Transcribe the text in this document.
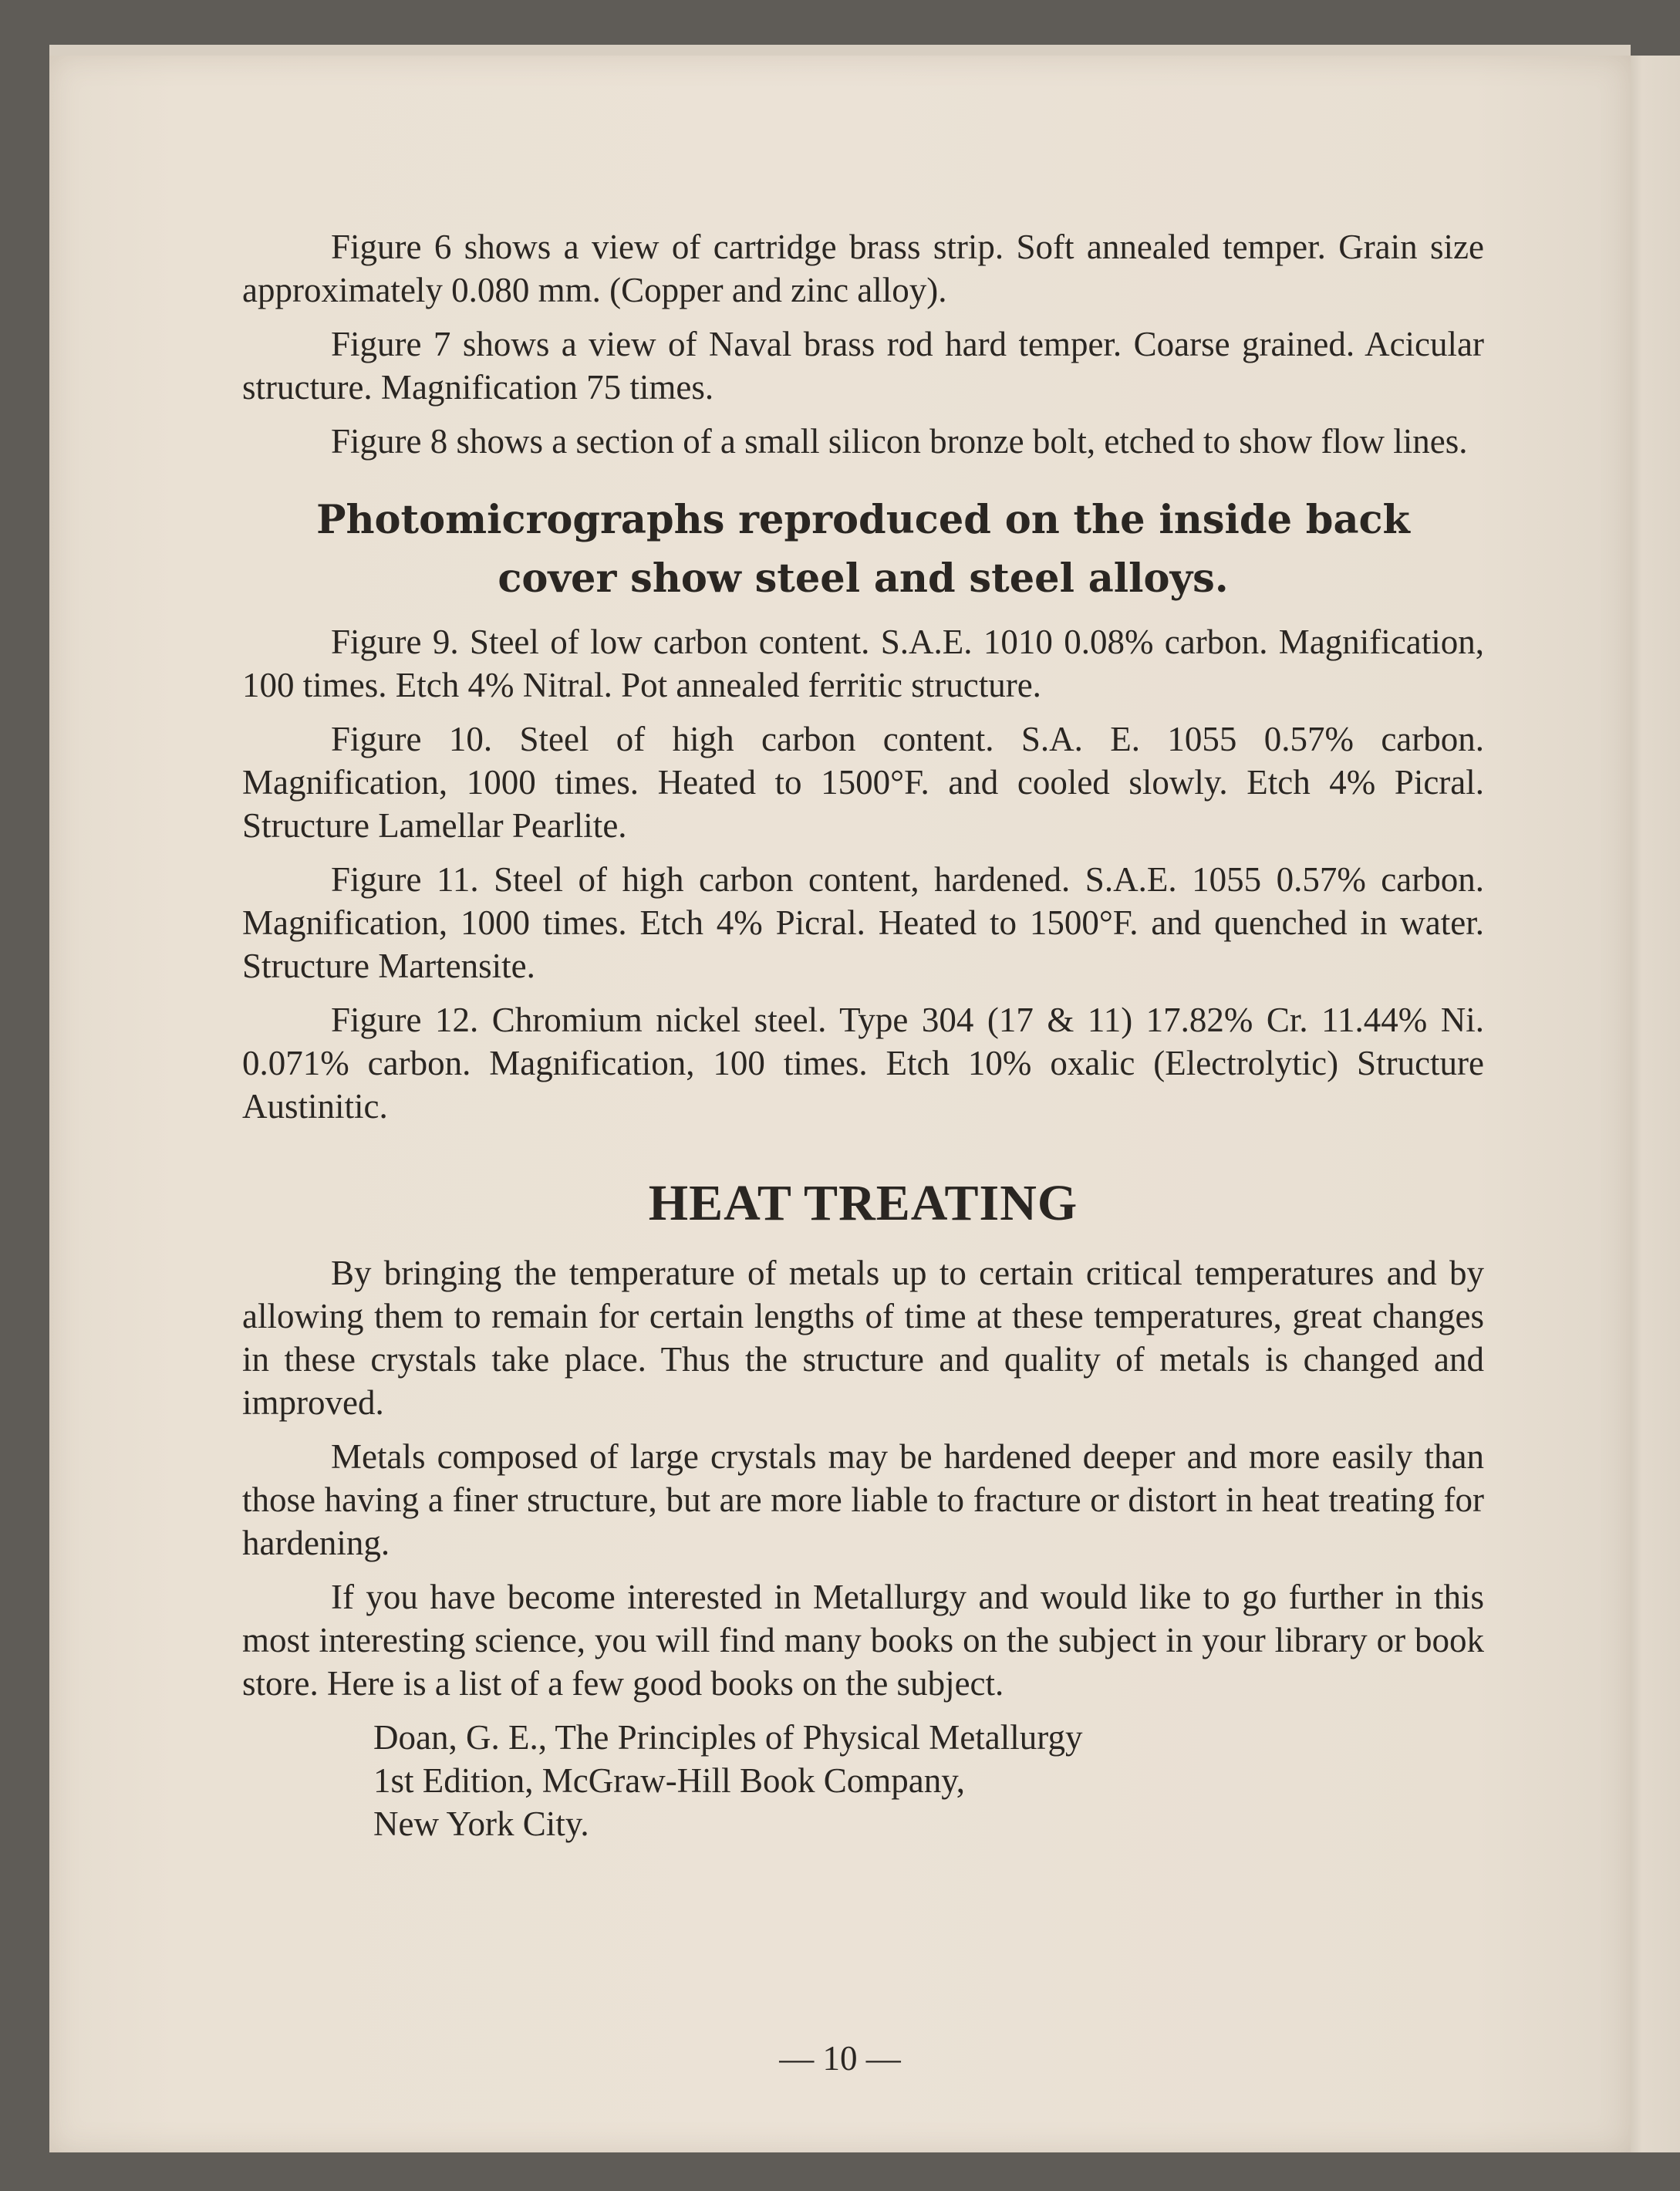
Figure 6 shows a view of cartridge brass strip. Soft annealed temper. Grain size approximately 0.080 mm. (Copper and zinc alloy).

Figure 7 shows a view of Naval brass rod hard temper. Coarse grained. Acicular structure. Magnification 75 times.

Figure 8 shows a section of a small silicon bronze bolt, etched to show flow lines.

Photomicrographs reproduced on the inside back cover show steel and steel alloys.

Figure 9. Steel of low carbon content. S.A.E. 1010 0.08% carbon. Magnification, 100 times. Etch 4% Nitral. Pot annealed ferritic structure.

Figure 10. Steel of high carbon content. S.A. E. 1055 0.57% carbon. Magnification, 1000 times. Heated to 1500°F. and cooled slowly. Etch 4% Picral. Structure Lamellar Pearlite.

Figure 11. Steel of high carbon content, hardened. S.A.E. 1055 0.57% carbon. Magnification, 1000 times. Etch 4% Picral. Heated to 1500°F. and quenched in water. Structure Martensite.

Figure 12. Chromium nickel steel. Type 304 (17 & 11) 17.82% Cr. 11.44% Ni. 0.071% carbon. Magnification, 100 times. Etch 10% oxalic (Electrolytic) Structure Austinitic.

HEAT TREATING

By bringing the temperature of metals up to certain critical temperatures and by allowing them to remain for certain lengths of time at these temperatures, great changes in these crystals take place. Thus the structure and quality of metals is changed and improved.

Metals composed of large crystals may be hardened deeper and more easily than those having a finer structure, but are more liable to fracture or distort in heat treating for hardening.

If you have become interested in Metallurgy and would like to go further in this most interesting science, you will find many books on the subject in your library or book store. Here is a list of a few good books on the subject.

Doan, G. E., The Principles of Physical Metallurgy
1st Edition, McGraw-Hill Book Company,
New York City.
— 10 —
